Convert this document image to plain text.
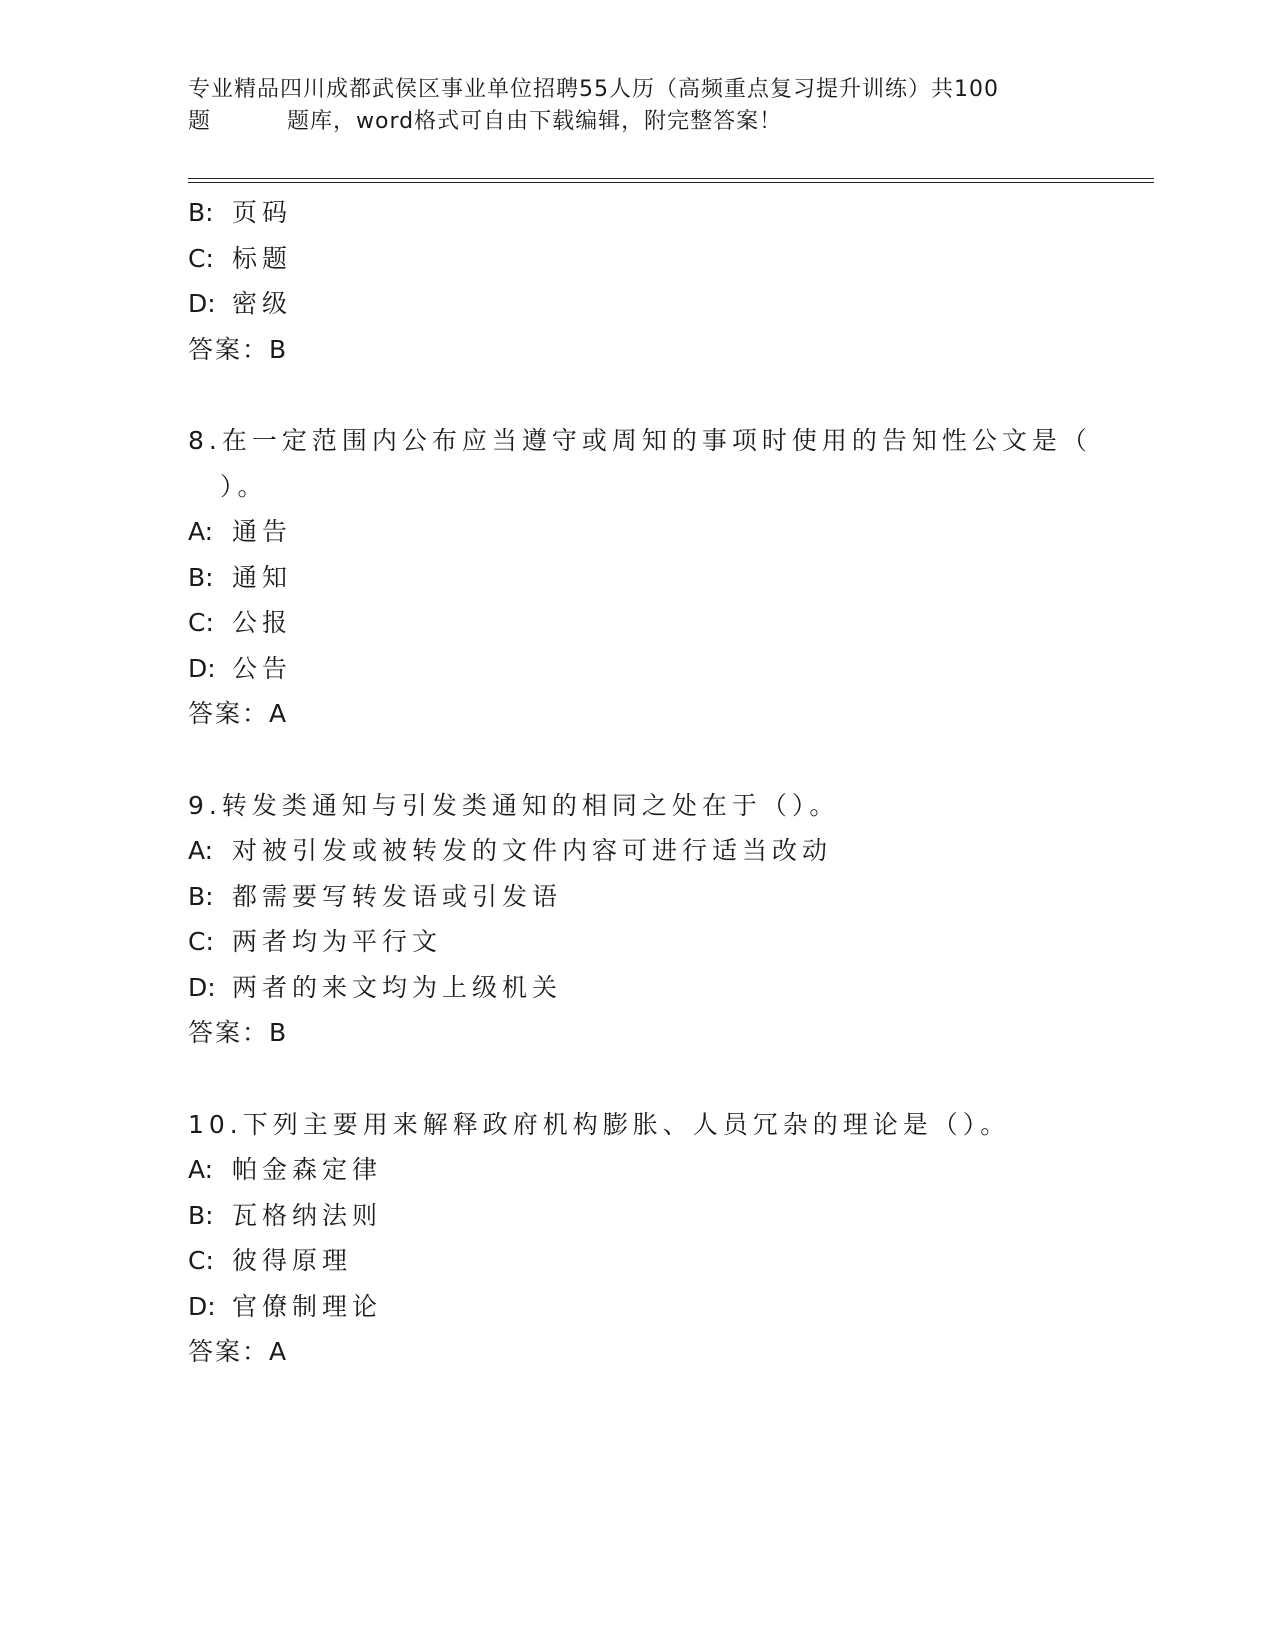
专业精品四川成都武侯区事业单位招聘55人历（高频重点复习提升训练）共100
题	题库，word格式可自由下载编辑，附完整答案！
B: 页码
C: 标题
D: 密级
答案：B
8.在一定范围内公布应当遵守或周知的事项时使用的告知性公文是（
）。
A: 通告
B: 通知
C: 公报
D: 公告
答案：A
9.转发类通知与引发类通知的相同之处在于（）。
A: 对被引发或被转发的文件内容可进行适当改动
B: 都需要写转发语或引发语
C: 两者均为平行文
D: 两者的来文均为上级机关
答案：B
10.下列主要用来解释政府机构膨胀、人员冗杂的理论是（）。
A: 帕金森定律
B: 瓦格纳法则
C: 彼得原理
D: 官僚制理论
答案：A
